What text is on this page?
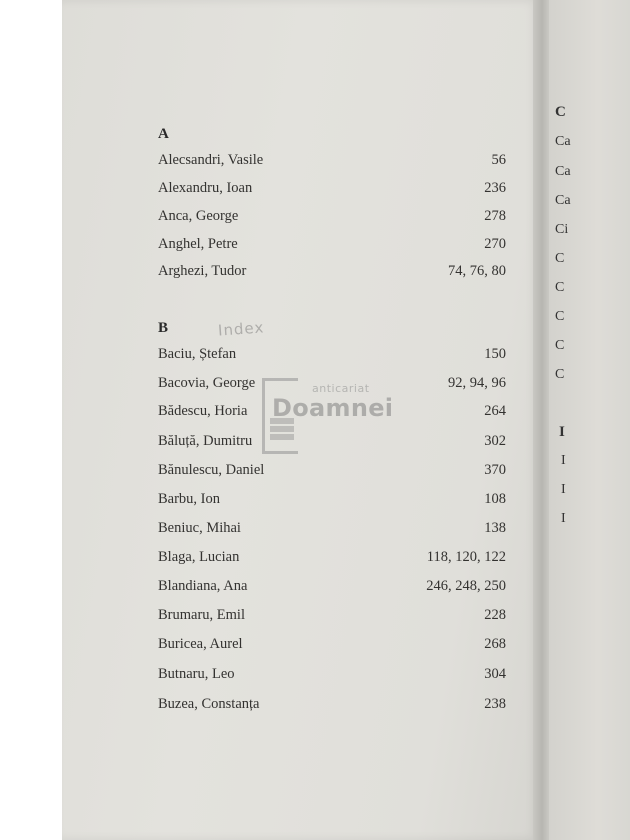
C
Ca
Ca
Ca
Ci
C
C
C
C
C
I
I
I
I
A
Alecsandri, Vasile	56
Alexandru, Ioan	236
Anca, George	278
Anghel, Petre	270
Arghezi, Tudor	74, 76, 80
Index
B
Baciu, Ștefan	150
Bacovia, George	92, 94, 96
Bădescu, Horia	264
Băluță, Dumitru	302
Bănulescu, Daniel	370
Barbu, Ion	108
Beniuc, Mihai	138
Blaga, Lucian	118, 120, 122
Blandiana, Ana	246, 248, 250
Brumaru, Emil	228
Buricea, Aurel	268
Butnaru, Leo	304
Buzea, Constanța	238
anticariat
Doamnei
